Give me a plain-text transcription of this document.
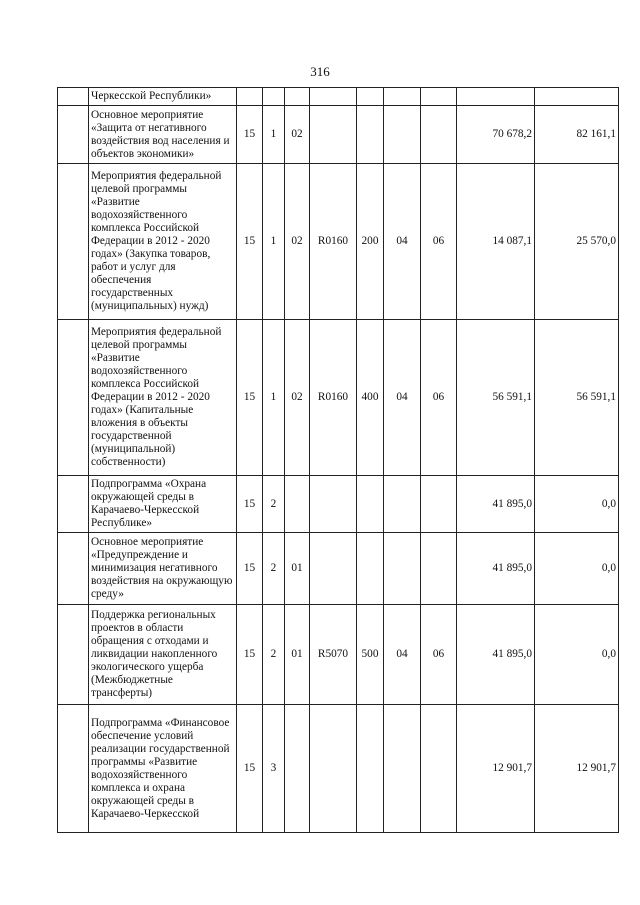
316
	Черкесской Республики»									
	Основное мероприятие «Защита от негативного воздействия вод населения и объектов экономики»	15	1	02					70 678,2	82 161,1
	Мероприятия федеральной целевой программы «Развитие водохозяйственного комплекса Российской Федерации в 2012 - 2020 годах» (Закупка товаров, работ и услуг для обеспечения государственных (муниципальных) нужд)	15	1	02	R0160	200	04	06	14 087,1	25 570,0
	Мероприятия федеральной целевой программы «Развитие водохозяйственного комплекса Российской Федерации в 2012 - 2020 годах» (Капитальные вложения в объекты государственной (муниципальной) собственности)	15	1	02	R0160	400	04	06	56 591,1	56 591,1
	Подпрограмма «Охрана окружающей среды в Карачаево-Черкесской Республике»	15	2						41 895,0	0,0
	Основное мероприятие «Предупреждение и минимизация негативного воздействия на окружающую среду»	15	2	01					41 895,0	0,0
	Поддержка региональных проектов в области обращения с отходами и ликвидации накопленного экологического ущерба (Межбюджетные трансферты)	15	2	01	R5070	500	04	06	41 895,0	0,0
	Подпрограмма «Финансовое обеспечение условий реализации государственной программы «Развитие водохозяйственного комплекса и охрана окружающей среды в Карачаево-Черкесской	15	3						12 901,7	12 901,7
